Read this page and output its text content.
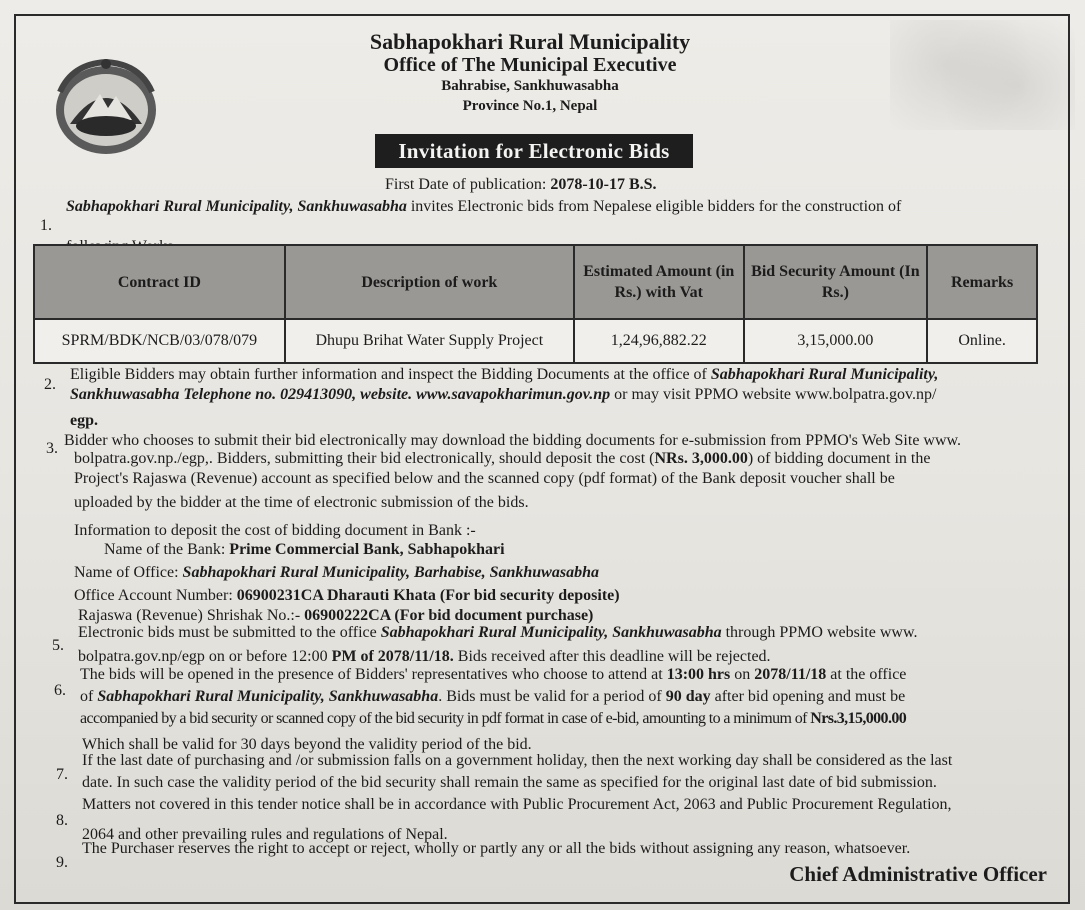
Sabhapokhari Rural Municipality
Office of The Municipal Executive
Bahrabise, Sankhuwasabha
Province No.1, Nepal
Invitation for Electronic Bids
First Date of publication: 2078-10-17 B.S.
1.
Sabhapokhari Rural Municipality, Sankhuwasabha invites Electronic bids from Nepalese eligible bidders for the construction of
Contract ID	Description of work	Estimated Amount (in Rs.) with Vat	Bid Security Amount (In Rs.)	Remarks
SPRM/BDK/NCB/03/078/079	Dhupu Brihat Water Supply Project	1,24,96,882.22	3,15,000.00	Online.
2.
Eligible Bidders may obtain further information and inspect the Bidding Documents at the office of Sabhapokhari Rural Municipality,
Sankhuwasabha Telephone no. 029413090, website. www.savapokharimun.gov.np or may visit PPMO website www.bolpatra.gov.np/
egp.
3. Bidder who chooses to submit their bid electronically may download the bidding documents for e-submission from PPMO's Web Site www.
bolpatra.gov.np./egp,. Bidders, submitting their bid electronically, should deposit the cost (NRs. 3,000.00) of bidding document in the
Project's Rajaswa (Revenue) account as specified below and the scanned copy (pdf format) of the Bank deposit voucher shall be
uploaded by the bidder at the time of electronic submission of the bids.
Information to deposit the cost of bidding document in Bank :-
Name of the Bank: Prime Commercial Bank, Sabhapokhari
Name of Office: Sabhapokhari Rural Municipality, Barhabise, Sankhuwasabha
Office Account Number: 06900231CA Dharauti Khata (For bid security deposite)
Rajaswa (Revenue) Shrishak No.:- 06900222CA (For bid document purchase)
5.
Electronic bids must be submitted to the office Sabhapokhari Rural Municipality, Sankhuwasabha through PPMO website www.
bolpatra.gov.np/egp on or before 12:00 PM of 2078/11/18. Bids received after this deadline will be rejected.
6.
The bids will be opened in the presence of Bidders' representatives who choose to attend at 13:00 hrs on 2078/11/18 at the office
of Sabhapokhari Rural Municipality, Sankhuwasabha. Bids must be valid for a period of 90 day after bid opening and must be
accompanied by a bid security or scanned copy of the bid security in pdf format in case of e-bid, amounting to a minimum of Nrs.3,15,000.00
Which shall be valid for 30 days beyond the validity period of the bid.
7.
If the last date of purchasing and /or submission falls on a government holiday, then the next working day shall be considered as the last
date. In such case the validity period of the bid security shall remain the same as specified for the original last date of bid submission.
8.
Matters not covered in this tender notice shall be in accordance with Public Procurement Act, 2063 and Public Procurement Regulation,
2064 and other prevailing rules and regulations of Nepal.
9.
The Purchaser reserves the right to accept or reject, wholly or partly any or all the bids without assigning any reason, whatsoever.
Chief Administrative Officer
